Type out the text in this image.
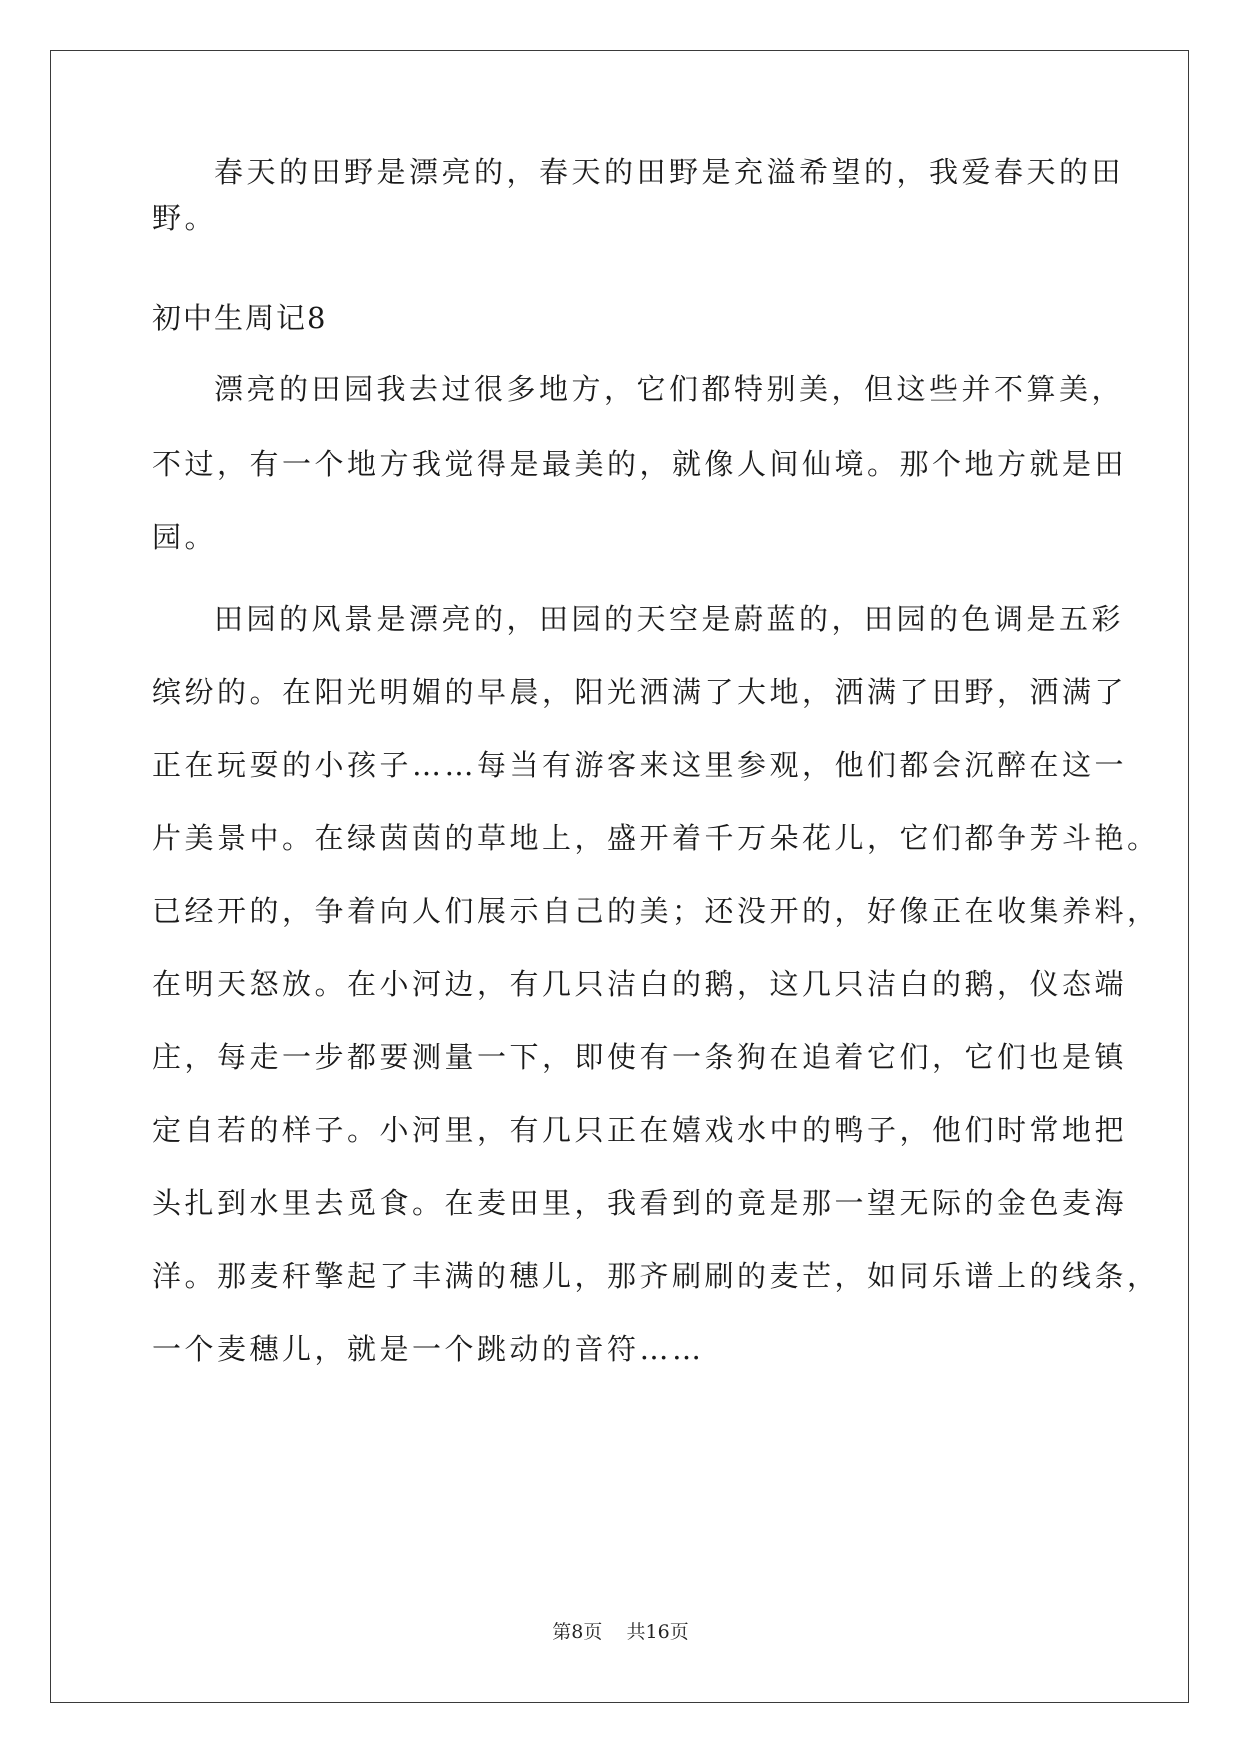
春天的田野是漂亮的，春天的田野是充溢希望的，我爱春天的田
野。
初中生周记8
漂亮的田园我去过很多地方，它们都特别美，但这些并不算美，
不过，有一个地方我觉得是最美的，就像人间仙境。那个地方就是田
园。
田园的风景是漂亮的，田园的天空是蔚蓝的，田园的色调是五彩
缤纷的。在阳光明媚的早晨，阳光洒满了大地，洒满了田野，洒满了
正在玩耍的小孩子……每当有游客来这里参观，他们都会沉醉在这一
片美景中。在绿茵茵的草地上，盛开着千万朵花儿，它们都争芳斗艳。
已经开的，争着向人们展示自己的美；还没开的，好像正在收集养料，
在明天怒放。在小河边，有几只洁白的鹅，这几只洁白的鹅，仪态端
庄，每走一步都要测量一下，即使有一条狗在追着它们，它们也是镇
定自若的样子。小河里，有几只正在嬉戏水中的鸭子，他们时常地把
头扎到水里去觅食。在麦田里，我看到的竟是那一望无际的金色麦海
洋。那麦秆擎起了丰满的穗儿，那齐刷刷的麦芒，如同乐谱上的线条，
一个麦穗儿，就是一个跳动的音符……
第8页 共16页
